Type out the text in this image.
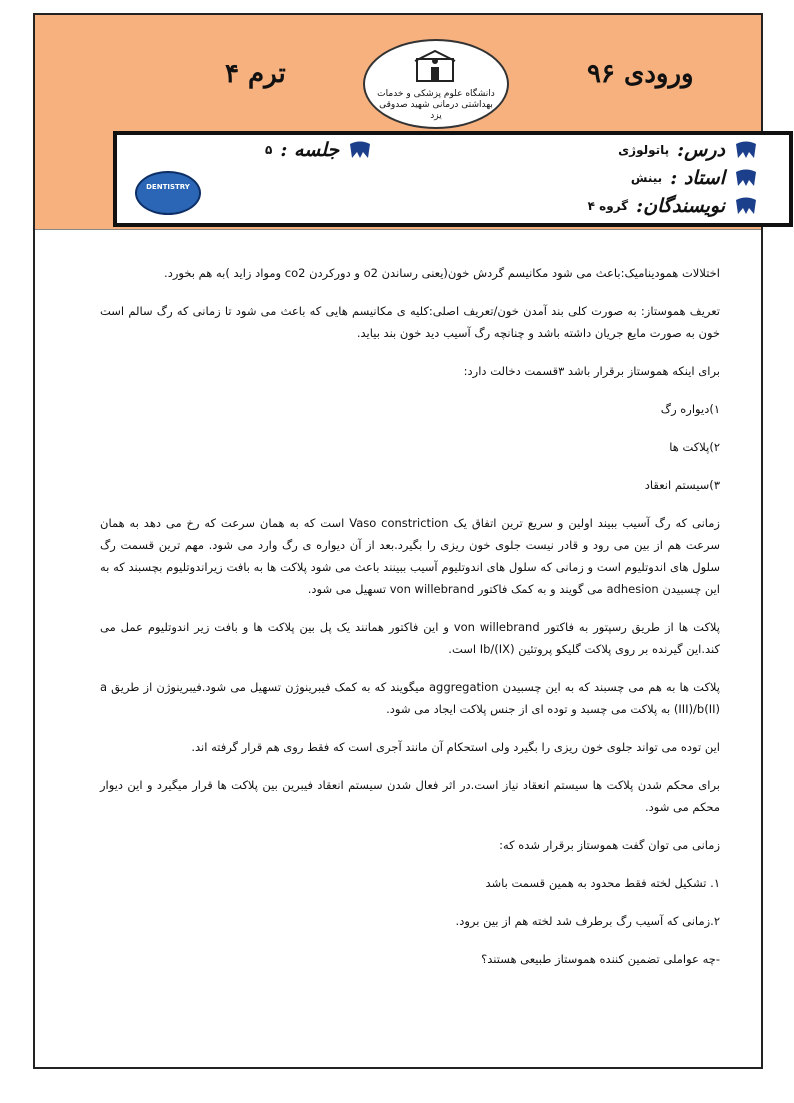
ورودی ۹۶
ترم ۴
دانشگاه علوم پزشکی و خدمات بهداشتی درمانی شهید صدوقی یزد
درس:
پاتولوژی
استاد :
بینش
نویسندگان:
گروه ۴
جلسه :
۵
DENTISTRY

اختلالات همودینامیک:باعث می شود مکانیسم گردش خون(یعنی رساندن o2 و دورکردن co2 ومواد زاید )به هم بخورد.

تعریف هموستاز: به صورت کلی بند آمدن خون/تعریف اصلی:کلیه ی مکانیسم هایی که باعث می شود تا زمانی که رگ سالم است خون به صورت مایع جریان داشته باشد و چنانچه رگ آسیب دید خون بند بیاید.

برای اینکه هموستاز برقرار باشد ۳قسمت دخالت دارد:

۱)دیواره رگ

۲)پلاکت ها

۳)سیستم انعقاد

زمانی که رگ آسیب ببیند اولین و سریع ترین اتفاق یک Vaso constriction است که به همان سرعت که رخ می دهد به همان سرعت هم از بین می رود و قادر نیست جلوی خون ریزی را بگیرد.بعد از آن دیواره ی رگ وارد می شود. مهم ترین قسمت رگ سلول های اندوتلیوم است و زمانی که سلول های اندوتلیوم آسیب ببینند باعث می شود پلاکت ها به بافت زیراندوتلیوم بچسبند که به این چسبیدن adhesion می گویند و به کمک فاکتور von willebrand تسهیل می شود.

پلاکت ها از طریق رسپتور به فاکتور von willebrand و این فاکتور همانند یک پل بین پلاکت ها و بافت زیر اندوتلیوم عمل می کند.این گیرنده بر روی پلاکت گلیکو پروتئین (Ib/(IX است.

پلاکت ها به هم می چسبند که به این چسبیدن aggregation میگویند که به کمک فیبرینوژن تسهیل می شود.فیبرینوژن از طریق a (III)/b(II) به پلاکت می چسبد و توده ای از جنس پلاکت ایجاد می شود.

این توده می تواند جلوی خون ریزی را بگیرد ولی استحکام آن مانند آجری است که فقط روی هم قرار گرفته اند.

برای محکم شدن پلاکت ها سیستم انعقاد نیاز است.در اثر فعال شدن سیستم انعقاد فیبرین بین پلاکت ها قرار میگیرد و این دیوار محکم می شود.

زمانی می توان گفت هموستاز برقرار شده که:

۱. تشکیل لخته فقط محدود به همین قسمت باشد

۲.زمانی که آسیب رگ برطرف شد لخته هم از بین برود.

-چه عواملی تضمین کننده هموستاز طبیعی هستند؟
